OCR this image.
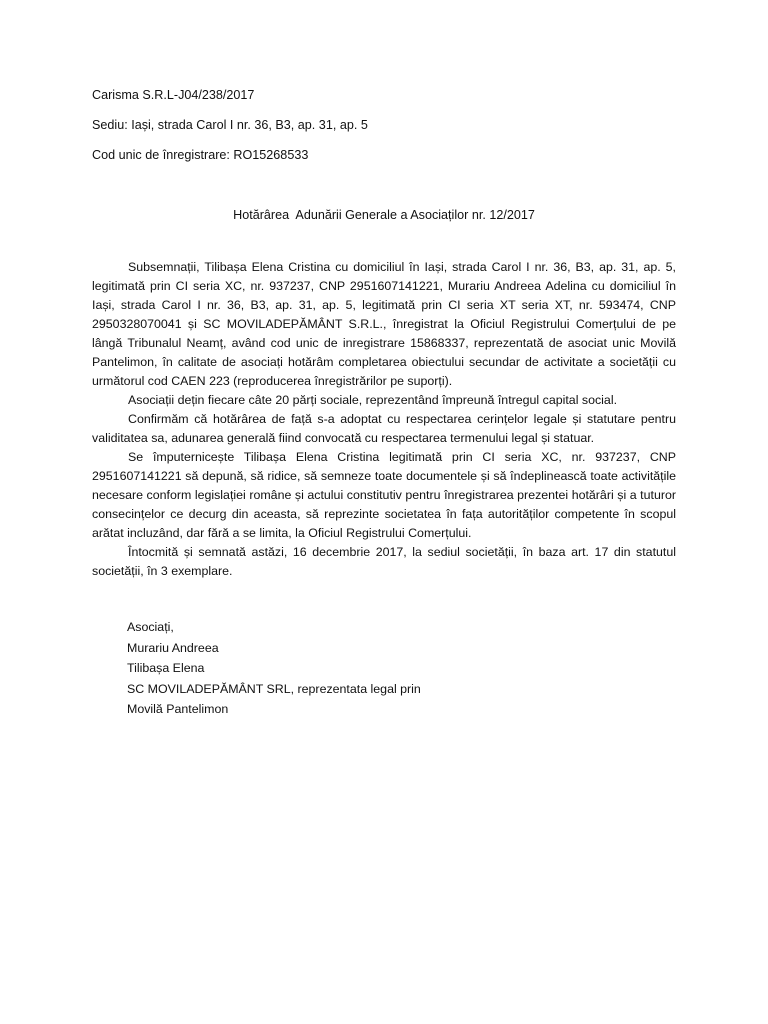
Carisma S.R.L-J04/238/2017
Sediu: Iași, strada Carol I nr. 36, B3, ap. 31, ap. 5
Cod unic de înregistrare: RO15268533
Hotărârea  Adunării Generale a Asociaților nr. 12/2017

Subsemnații, Tilibașa Elena Cristina cu domiciliul în Iași, strada Carol I nr. 36, B3, ap. 31, ap. 5, legitimată prin CI seria XC, nr. 937237, CNP 2951607141221, Murariu Andreea Adelina cu domiciliul în Iași, strada Carol I nr. 36, B3, ap. 31, ap. 5, legitimată prin CI seria XT seria XT, nr. 593474, CNP 2950328070041 și SC MOVILADEPĂMÂNT S.R.L., înregistrat la Oficiul Registrului Comerțului de pe lângă Tribunalul Neamț, având cod unic de inregistrare 15868337, reprezentată de asociat unic Movilă Pantelimon, în calitate de asociați hotărâm completarea obiectului secundar de activitate a societății cu următorul cod CAEN 223 (reproducerea înregistrărilor pe suporți).

Asociații dețin fiecare câte 20 părți sociale, reprezentând împreună întregul capital social.

Confirmăm că hotărârea de față s-a adoptat cu respectarea cerințelor legale și statutare pentru validitatea sa, adunarea generală fiind convocată cu respectarea termenului legal și statuar.

Se împuternicește Tilibașa Elena Cristina legitimată prin CI seria XC, nr. 937237, CNP 2951607141221 să depună, să ridice, să semneze toate documentele și să îndeplinească toate activitățile necesare conform legislației române și actului constitutiv pentru înregistrarea prezentei hotărâri și a tuturor consecințelor ce decurg din aceasta, să reprezinte societatea în fața autorităților competente în scopul arătat incluzând, dar fără a se limita, la Oficiul Registrului Comerțului.

Întocmită și semnată astăzi, 16 decembrie 2017, la sediul societății, în baza art. 17 din statutul societății, în 3 exemplare.

Asociați,
Murariu Andreea
Tilibașa Elena
SC MOVILADEPĂMÂNT SRL, reprezentata legal prin
Movilă Pantelimon
